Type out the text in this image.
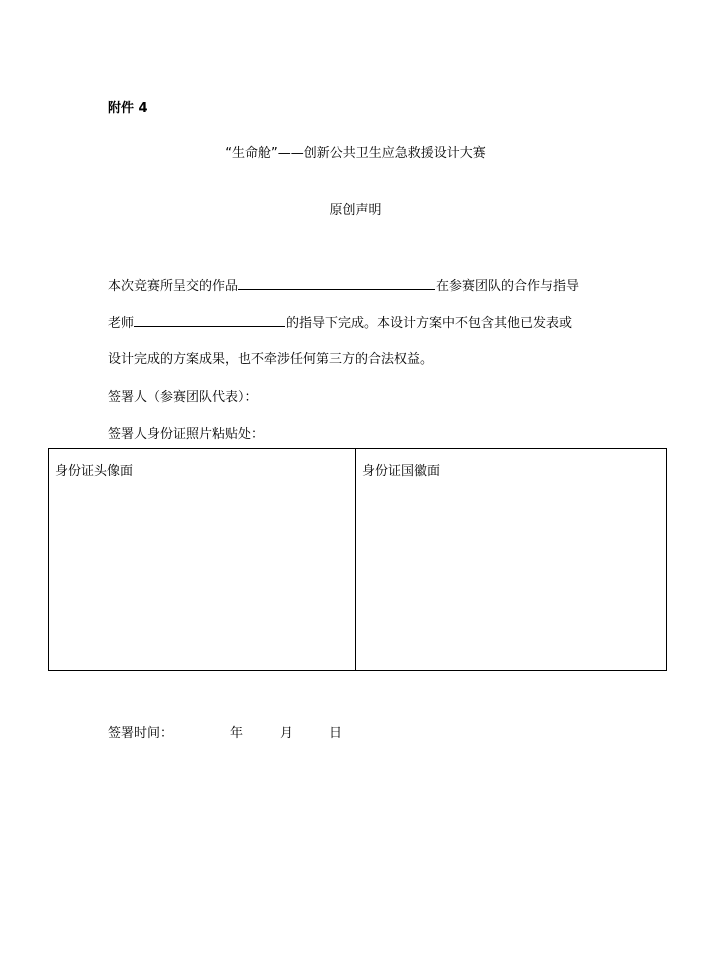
附件 4
“生命舱”——创新公共卫生应急救援设计大赛
原创声明
本次竞赛所呈交的作品	在参赛团队的合作与指导
老师	的指导下完成。本设计方案中不包含其他已发表或
设计完成的方案成果，也不牵涉任何第三方的合法权益。
签署人（参赛团队代表）：
签署人身份证照片粘贴处：
身份证头像面	身份证国徽面
签署时间：	年	月	日
